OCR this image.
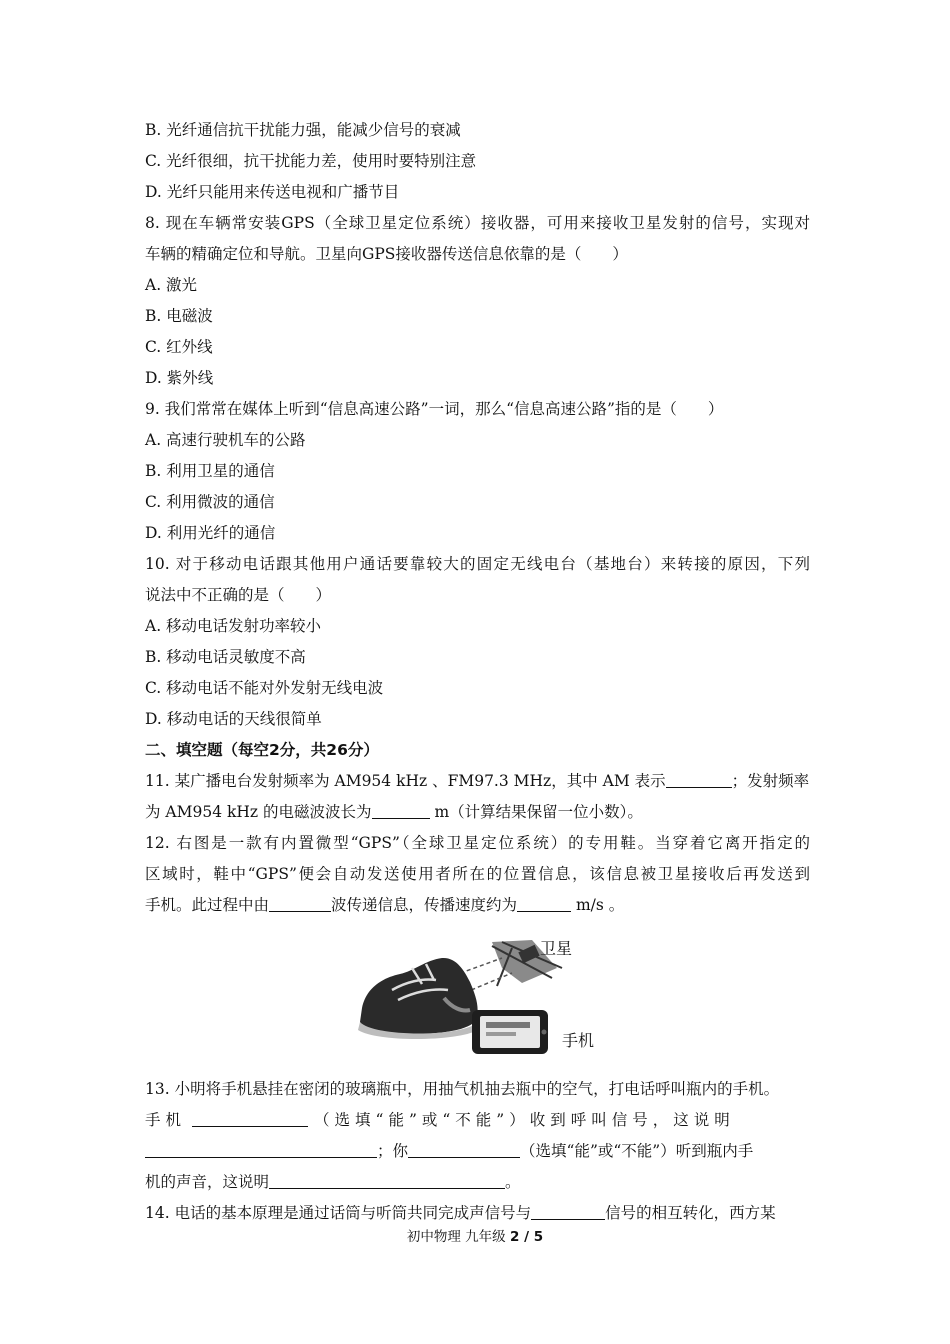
B. 光纤通信抗干扰能力强，能减少信号的衰减
C. 光纤很细，抗干扰能力差，使用时要特别注意
D. 光纤只能用来传送电视和广播节目
8. 现在车辆常安装GPS（全球卫星定位系统）接收器，可用来接收卫星发射的信号，实现对
车辆的精确定位和导航。卫星向GPS接收器传送信息依靠的是（　　）
A. 激光
B. 电磁波
C. 红外线
D. 紫外线
9. 我们常常在媒体上听到“信息高速公路”一词，那么“信息高速公路”指的是（　　）
A. 高速行驶机车的公路
B. 利用卫星的通信
C. 利用微波的通信
D. 利用光纤的通信
10. 对于移动电话跟其他用户通话要靠较大的固定无线电台（基地台）来转接的原因，下列
说法中不正确的是（　　）
A. 移动电话发射功率较小
B. 移动电话灵敏度不高
C. 移动电话不能对外发射无线电波
D. 移动电话的天线很简单
二、填空题（每空2分，共26分）
11. 某广播电台发射频率为 AM954 kHz 、FM97.3 MHz，其中 AM 表示	；发射频率
为 AM954 kHz 的电磁波波长为	m（计算结果保留一位小数）。
12. 右图是一款有内置微型“GPS”（全球卫星定位系统）的专用鞋。当穿着它离开指定的
区域时，鞋中“GPS”便会自动发送使用者所在的位置信息，该信息被卫星接收后再发送到
手机。此过程中由	波传递信息，传播速度约为	m/s 。
卫星
手机
13. 小明将手机悬挂在密闭的玻璃瓶中，用抽气机抽去瓶中的空气，打电话呼叫瓶内的手机。
手机	（选填“能”或“不能”）收到呼叫信号，这说明
；你	（选填“能”或“不能”）听到瓶内手
机的声音，这说明	。
14. 电话的基本原理是通过话筒与听筒共同完成声信号与	信号的相互转化，西方某
初中物理 九年级 2 / 5
